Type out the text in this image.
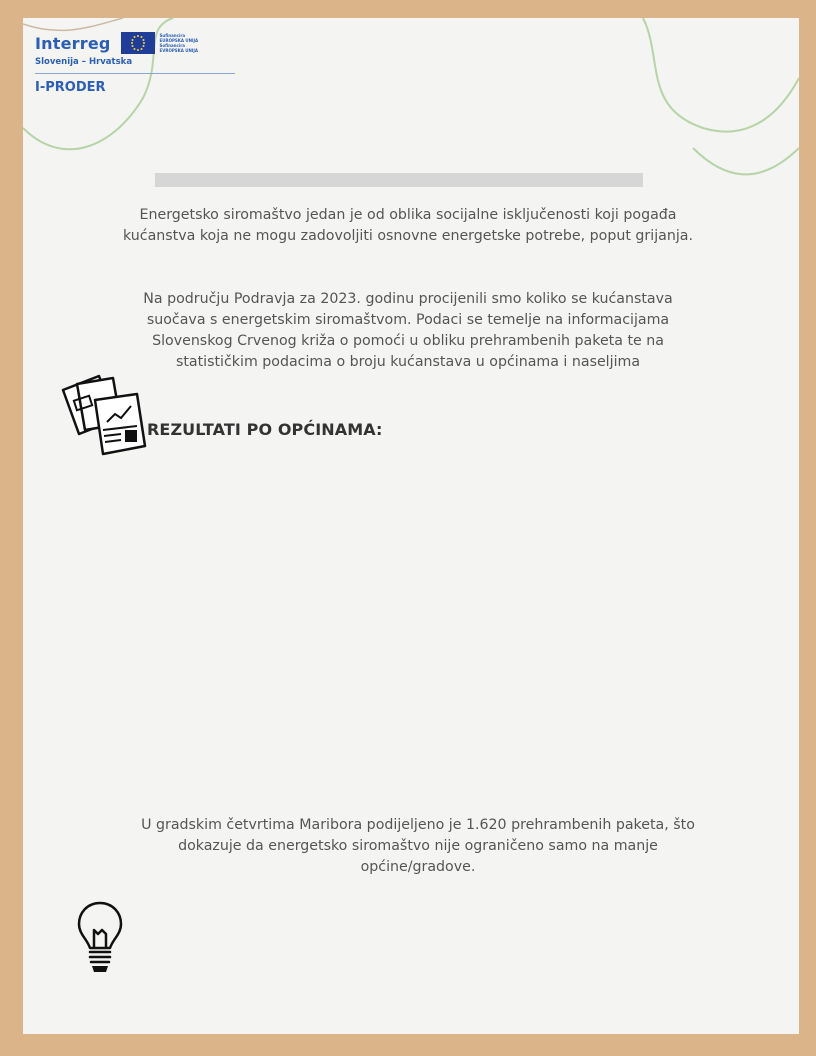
Interreg	Sufinancira
EUROPSKA UNIJA
Sofinancira
EVROPSKA UNIJA
Slovenija – Hrvatska
I-PRODER

Energetsko siromaštvo jedan je od oblika socijalne isključenosti koji pogađa kućanstva koja ne mogu zadovoljiti osnovne energetske potrebe, poput grijanja.

Na području Podravja za 2023. godinu procijenili smo koliko se kućanstava suočava s energetskim siromaštvom. Podaci se temelje na informacijama Slovenskog Crvenog križa o pomoći u obliku prehrambenih paketa te na statističkim podacima o broju kućanstava u općinama i naseljima

REZULTATI PO OPĆINAMA:

U gradskim četvrtima Maribora podijeljeno je 1.620 prehrambenih paketa, što dokazuje da energetsko siromaštvo nije ograničeno samo na manje općine/gradove.
